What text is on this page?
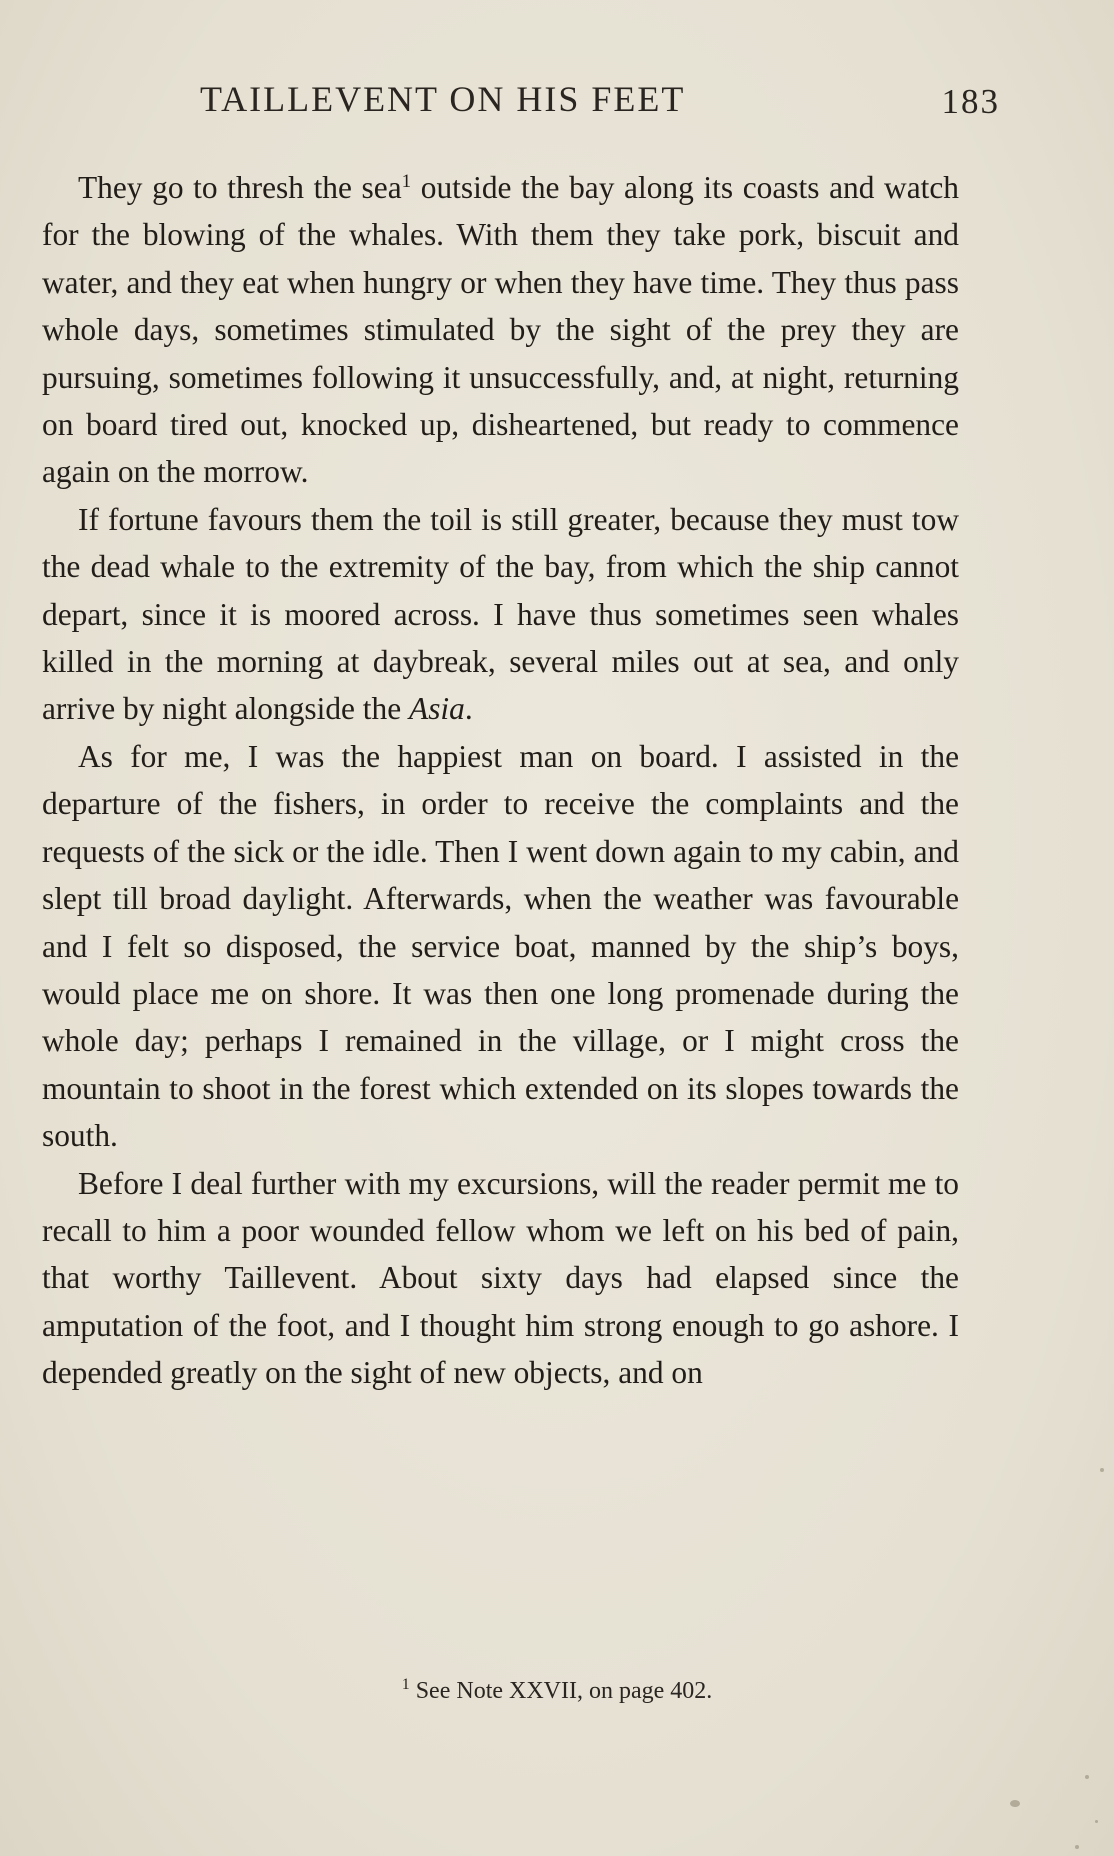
TAILLEVENT ON HIS FEET	183

They go to thresh the sea$^1$ outside the bay along its coasts and watch for the blowing of the whales. With them they take pork, biscuit and water, and they eat when hungry or when they have time. They thus pass whole days, sometimes stimulated by the sight of the prey they are pursuing, sometimes following it unsuccessfully, and, at night, returning on board tired out, knocked up, disheartened, but ready to commence again on the morrow.

If fortune favours them the toil is still greater, because they must tow the dead whale to the extremity of the bay, from which the ship cannot depart, since it is moored across. I have thus sometimes seen whales killed in the morning at daybreak, several miles out at sea, and only arrive by night alongside the Asia.

As for me, I was the happiest man on board. I assisted in the departure of the fishers, in order to receive the complaints and the requests of the sick or the idle. Then I went down again to my cabin, and slept till broad daylight. Afterwards, when the weather was favourable and I felt so disposed, the service boat, manned by the ship’s boys, would place me on shore. It was then one long promenade during the whole day; perhaps I remained in the village, or I might cross the mountain to shoot in the forest which extended on its slopes towards the south.

Before I deal further with my excursions, will the reader permit me to recall to him a poor wounded fellow whom we left on his bed of pain, that worthy Taillevent. About sixty days had elapsed since the amputation of the foot, and I thought him strong enough to go ashore. I depended greatly on the sight of new objects, and on

$^1$ See Note XXVII, on page 402.
